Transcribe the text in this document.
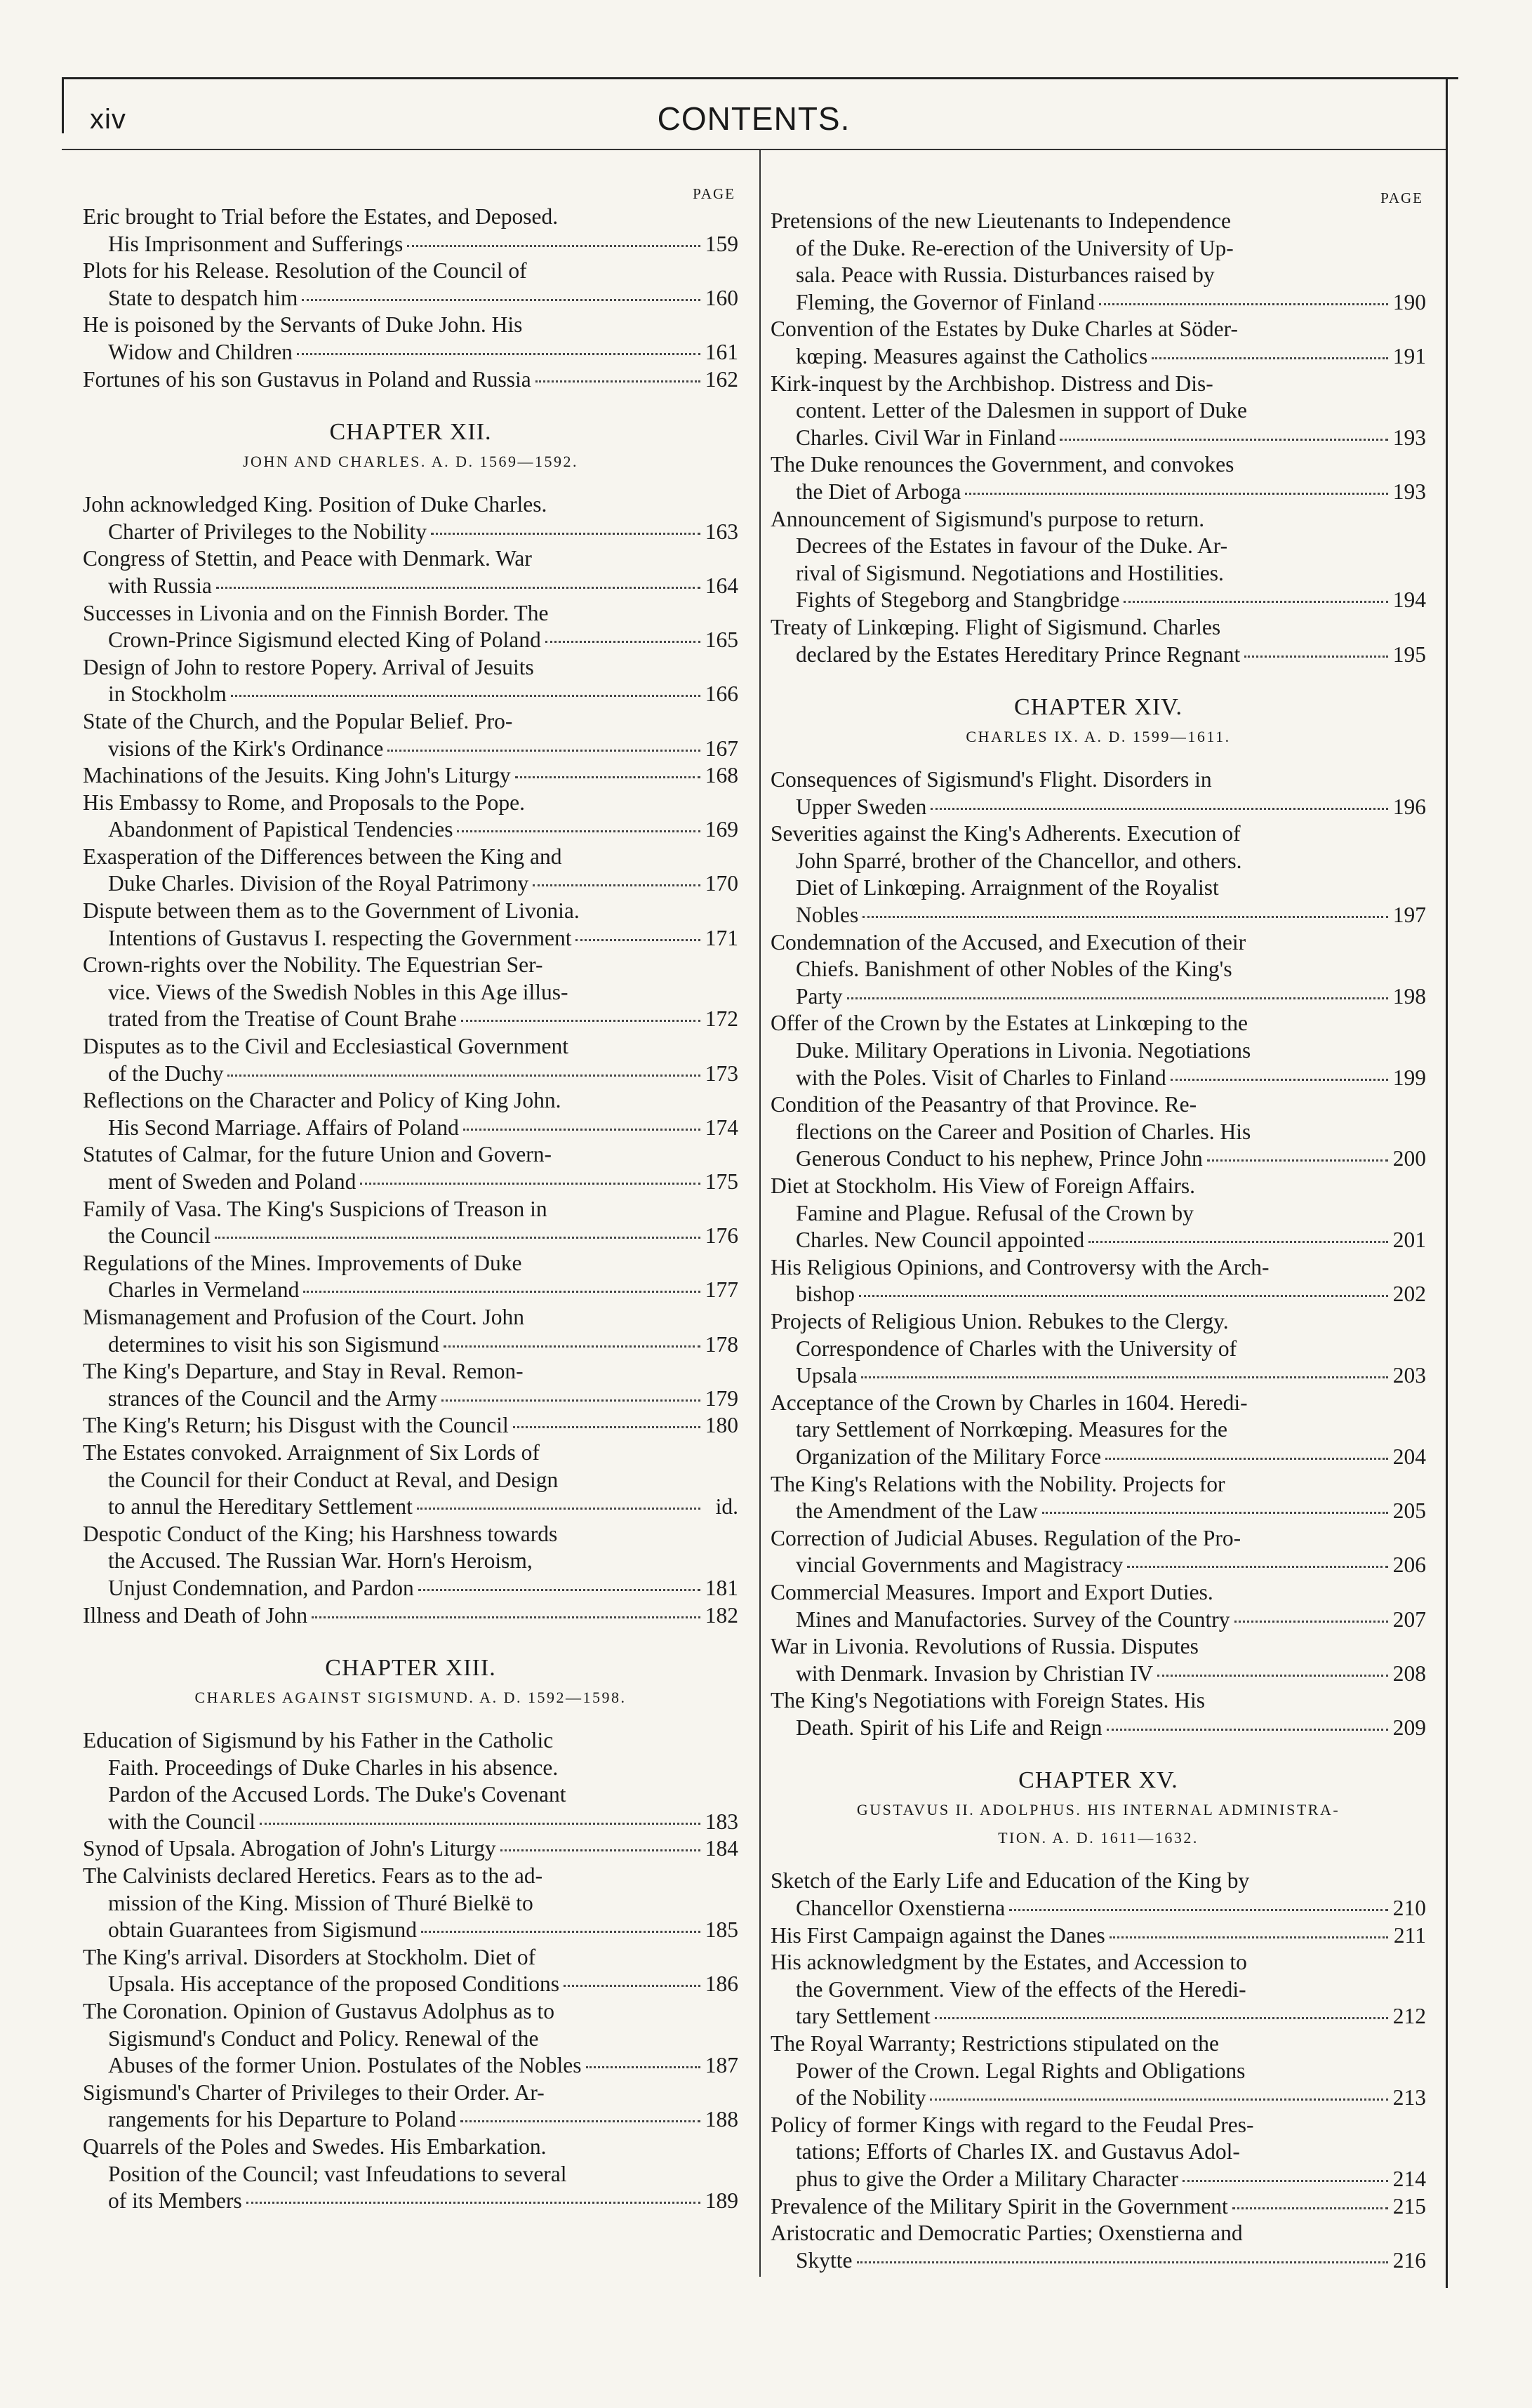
xiv	CONTENTS.
PAGE
Eric brought to Trial before the Estates, and Deposed.
His Imprisonment and Sufferings	159
Plots for his Release. Resolution of the Council of
State to despatch him	160
He is poisoned by the Servants of Duke John. His
Widow and Children	161
Fortunes of his son Gustavus in Poland and Russia	162
CHAPTER XII.
JOHN AND CHARLES. A. D. 1569—1592.
John acknowledged King. Position of Duke Charles.
Charter of Privileges to the Nobility	163
Congress of Stettin, and Peace with Denmark. War
with Russia	164
Successes in Livonia and on the Finnish Border. The
Crown-Prince Sigismund elected King of Poland	165
Design of John to restore Popery. Arrival of Jesuits
in Stockholm	166
State of the Church, and the Popular Belief. Pro-
visions of the Kirk's Ordinance	167
Machinations of the Jesuits. King John's Liturgy	168
His Embassy to Rome, and Proposals to the Pope.
Abandonment of Papistical Tendencies	169
Exasperation of the Differences between the King and
Duke Charles. Division of the Royal Patrimony	170
Dispute between them as to the Government of Livonia.
Intentions of Gustavus I. respecting the Government	171
Crown-rights over the Nobility. The Equestrian Ser-
vice. Views of the Swedish Nobles in this Age illus-
trated from the Treatise of Count Brahe	172
Disputes as to the Civil and Ecclesiastical Government
of the Duchy	173
Reflections on the Character and Policy of King John.
His Second Marriage. Affairs of Poland	174
Statutes of Calmar, for the future Union and Govern-
ment of Sweden and Poland	175
Family of Vasa. The King's Suspicions of Treason in
the Council	176
Regulations of the Mines. Improvements of Duke
Charles in Vermeland	177
Mismanagement and Profusion of the Court. John
determines to visit his son Sigismund	178
The King's Departure, and Stay in Reval. Remon-
strances of the Council and the Army	179
The King's Return; his Disgust with the Council	180
The Estates convoked. Arraignment of Six Lords of
the Council for their Conduct at Reval, and Design
to annul the Hereditary Settlement	id.
Despotic Conduct of the King; his Harshness towards
the Accused. The Russian War. Horn's Heroism,
Unjust Condemnation, and Pardon	181
Illness and Death of John	182
CHAPTER XIII.
CHARLES AGAINST SIGISMUND. A. D. 1592—1598.
Education of Sigismund by his Father in the Catholic
Faith. Proceedings of Duke Charles in his absence.
Pardon of the Accused Lords. The Duke's Covenant
with the Council	183
Synod of Upsala. Abrogation of John's Liturgy	184
The Calvinists declared Heretics. Fears as to the ad-
mission of the King. Mission of Thuré Bielkë to
obtain Guarantees from Sigismund	185
The King's arrival. Disorders at Stockholm. Diet of
Upsala. His acceptance of the proposed Conditions	186
The Coronation. Opinion of Gustavus Adolphus as to
Sigismund's Conduct and Policy. Renewal of the
Abuses of the former Union. Postulates of the Nobles	187
Sigismund's Charter of Privileges to their Order. Ar-
rangements for his Departure to Poland	188
Quarrels of the Poles and Swedes. His Embarkation.
Position of the Council; vast Infeudations to several
of its Members	189
PAGE
Pretensions of the new Lieutenants to Independence
of the Duke. Re-erection of the University of Up-
sala. Peace with Russia. Disturbances raised by
Fleming, the Governor of Finland	190
Convention of the Estates by Duke Charles at Söder-
kœping. Measures against the Catholics	191
Kirk-inquest by the Archbishop. Distress and Dis-
content. Letter of the Dalesmen in support of Duke
Charles. Civil War in Finland	193
The Duke renounces the Government, and convokes
the Diet of Arboga	193
Announcement of Sigismund's purpose to return.
Decrees of the Estates in favour of the Duke. Ar-
rival of Sigismund. Negotiations and Hostilities.
Fights of Stegeborg and Stangbridge	194
Treaty of Linkœping. Flight of Sigismund. Charles
declared by the Estates Hereditary Prince Regnant	195
CHAPTER XIV.
CHARLES IX. A. D. 1599—1611.
Consequences of Sigismund's Flight. Disorders in
Upper Sweden	196
Severities against the King's Adherents. Execution of
John Sparré, brother of the Chancellor, and others.
Diet of Linkœping. Arraignment of the Royalist
Nobles	197
Condemnation of the Accused, and Execution of their
Chiefs. Banishment of other Nobles of the King's
Party	198
Offer of the Crown by the Estates at Linkœping to the
Duke. Military Operations in Livonia. Negotiations
with the Poles. Visit of Charles to Finland	199
Condition of the Peasantry of that Province. Re-
flections on the Career and Position of Charles. His
Generous Conduct to his nephew, Prince John	200
Diet at Stockholm. His View of Foreign Affairs.
Famine and Plague. Refusal of the Crown by
Charles. New Council appointed	201
His Religious Opinions, and Controversy with the Arch-
bishop	202
Projects of Religious Union. Rebukes to the Clergy.
Correspondence of Charles with the University of
Upsala	203
Acceptance of the Crown by Charles in 1604. Heredi-
tary Settlement of Norrkœping. Measures for the
Organization of the Military Force	204
The King's Relations with the Nobility. Projects for
the Amendment of the Law	205
Correction of Judicial Abuses. Regulation of the Pro-
vincial Governments and Magistracy	206
Commercial Measures. Import and Export Duties.
Mines and Manufactories. Survey of the Country	207
War in Livonia. Revolutions of Russia. Disputes
with Denmark. Invasion by Christian IV	208
The King's Negotiations with Foreign States. His
Death. Spirit of his Life and Reign	209
CHAPTER XV.
GUSTAVUS II. ADOLPHUS. HIS INTERNAL ADMINISTRA-
TION. A. D. 1611—1632.
Sketch of the Early Life and Education of the King by
Chancellor Oxenstierna	210
His First Campaign against the Danes	211
His acknowledgment by the Estates, and Accession to
the Government. View of the effects of the Heredi-
tary Settlement	212
The Royal Warranty; Restrictions stipulated on the
Power of the Crown. Legal Rights and Obligations
of the Nobility	213
Policy of former Kings with regard to the Feudal Pres-
tations; Efforts of Charles IX. and Gustavus Adol-
phus to give the Order a Military Character	214
Prevalence of the Military Spirit in the Government	215
Aristocratic and Democratic Parties; Oxenstierna and
Skytte	216
